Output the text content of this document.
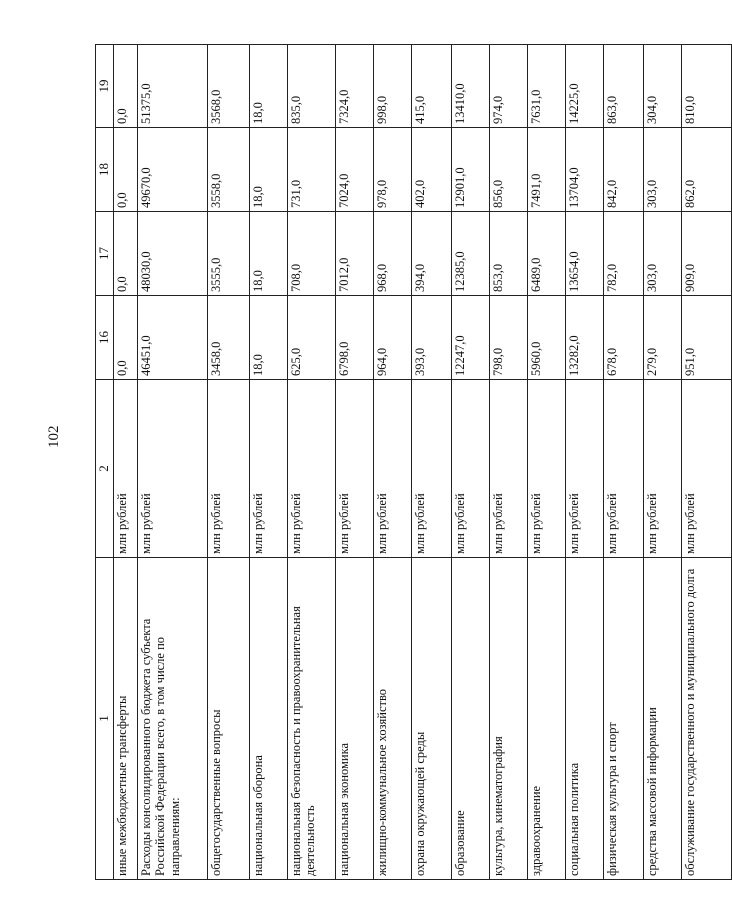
102
1	2	16	17	18	19
иные межбюджетные трансферты	млн рублей	0,0	0,0	0,0	0,0
Расходы консолидированного бюджета субъекта Российской Федерации всего, в том числе по направлениям:	млн рублей	46451,0	48030,0	49670,0	51375,0
общегосударственные вопросы	млн рублей	3458,0	3555,0	3558,0	3568,0
национальная оборона	млн рублей	18,0	18,0	18,0	18,0
национальная безопасность и правоохранительная деятельность	млн рублей	625,0	708,0	731,0	835,0
национальная экономика	млн рублей	6798,0	7012,0	7024,0	7324,0
жилищно-коммунальное хозяйство	млн рублей	964,0	968,0	978,0	998,0
охрана окружающей среды	млн рублей	393,0	394,0	402,0	415,0
образование	млн рублей	12247,0	12385,0	12901,0	13410,0
культура, кинематография	млн рублей	798,0	853,0	856,0	974,0
здравоохранение	млн рублей	5960,0	6489,0	7491,0	7631,0
социальная политика	млн рублей	13282,0	13654,0	13704,0	14225,0
физическая культура и спорт	млн рублей	678,0	782,0	842,0	863,0
средства массовой информации	млн рублей	279,0	303,0	303,0	304,0
обслуживание государственного и муниципального долга	млн рублей	951,0	909,0	862,0	810,0
